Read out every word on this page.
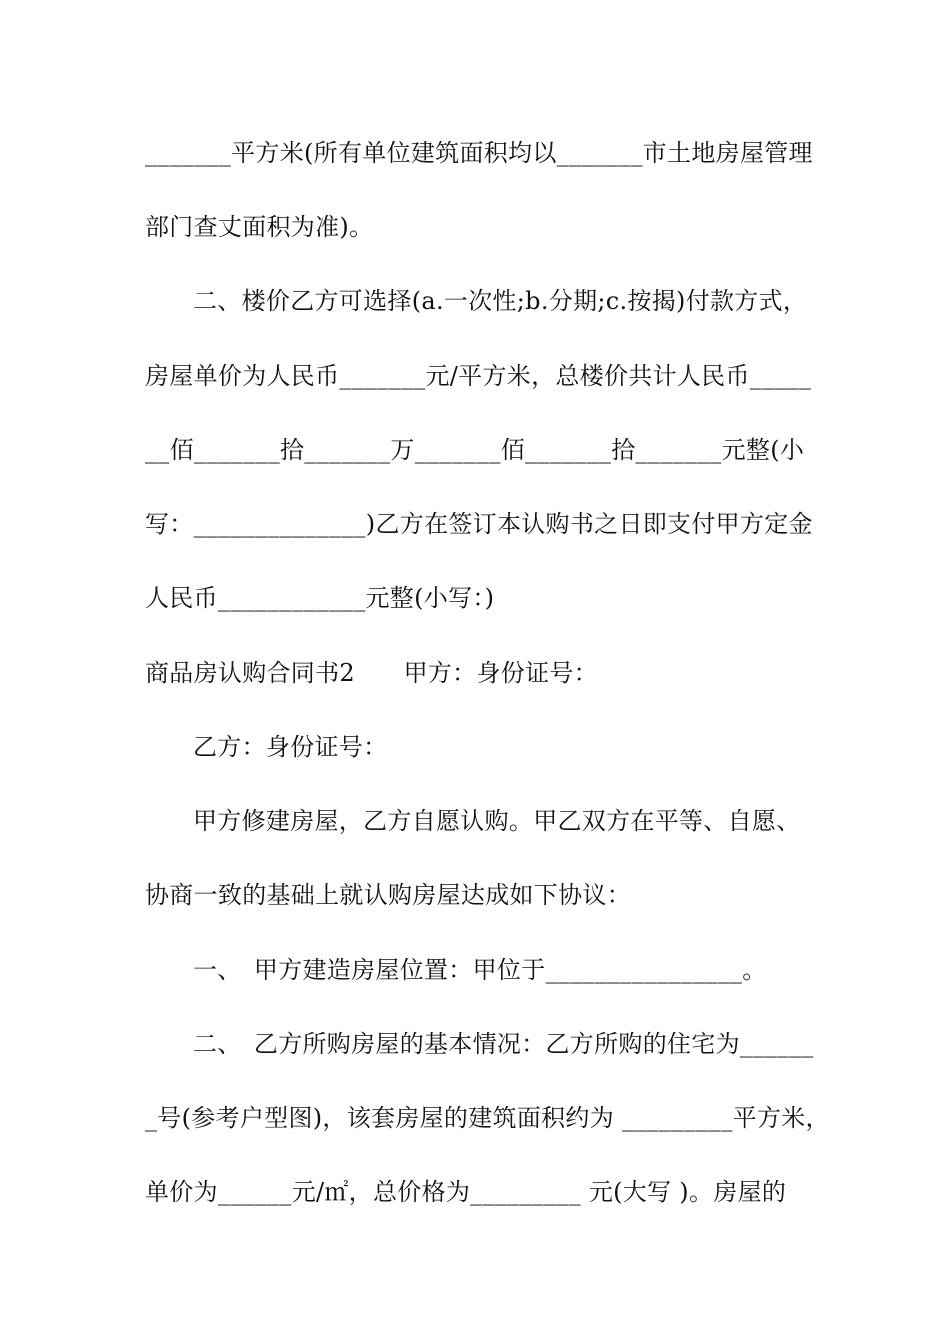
_______平方米(所有单位建筑面积均以_______市土地房屋管理
部门查丈面积为准)。
二、楼价乙方可选择(a.一次性;b.分期;c.按揭)付款方式，
房屋单价为人民币_______元/平方米，总楼价共计人民币_____
__佰_______拾_______万_______佰_______拾_______元整(小
写：______________)乙方在签订本认购书之日即支付甲方定金
人民币____________元整(小写：)
商品房认购合同书2　　甲方：身份证号：
乙方：身份证号：
甲方修建房屋，乙方自愿认购。甲乙双方在平等、自愿、
协商一致的基础上就认购房屋达成如下协议：
一、　甲方建造房屋位置：甲位于________________。
二、　乙方所购房屋的基本情况：乙方所购的住宅为______
_号(参考户型图)，该套房屋的建筑面积约为 _________平方米，
单价为______元/㎡，总价格为_________ 元(大写 )。房屋的
